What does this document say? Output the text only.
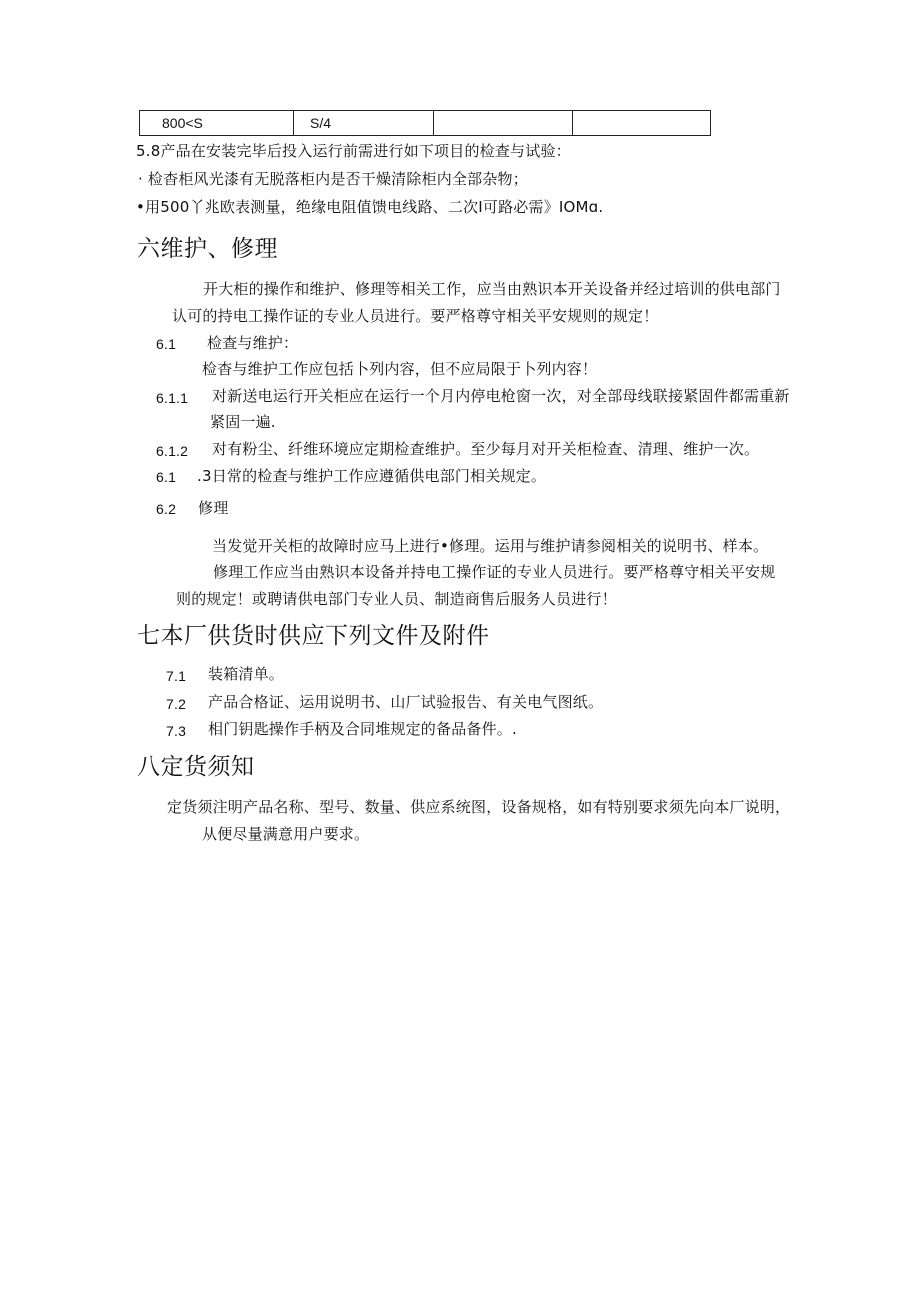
800<S	S/4		
5.8产品在安装完毕后投入运行前需进行如下项目的检查与试验：
· 检杳柜风光漆有无脱落柜内是否干燥清除柜内全部杂物；
•用500丫兆欧表测量，绝缘电阻值馈电线路、二次I可路必需》IOMɑ.
六维护、修理
开大柜的操作和维护、修理等相关工作，应当由熟识本开关设备并经过培训的供电部门
认可的持电工操作证的专业人员进行。要严格尊守相关平安规则的规定！
6.1 检查与维护：
检杳与维护工作应包括卜列内容，但不应局限于卜列内容！
6.1.1 对新送电运行开关柜应在运行一个月内停电枪窗一次，对全部母线联接紧固件都需重新
紧固一遍.
6.1.2 对有粉尘、纤维环境应定期检查维护。至少每月对开关柜检查、清理、维护一次。
6.1 .3日常的检查与维护工作应遵循供电部门相关规定。
6.2 修理
当发觉开关柜的故障时应马上进行•修理。运用与维护请参阅相关的说明书、样本。
修理工作应当由熟识本设备并持电工操作证的专业人员进行。要严格尊守相关平安规
则的规定！或聘请供电部门专业人员、制造商售后服务人员进行！
七本厂供货时供应下列文件及附件
7.1 装箱清单。
7.2 产品合格证、运用说明书、山厂试验报告、有关电气图纸。
7.3 相门钥匙操作手柄及合同堆规定的备品备件。.
八定货须知
定货须注明产品名称、型号、数量、供应系统图，设备规格，如有特别要求须先向本厂说明，
从便尽量满意用户要求。
